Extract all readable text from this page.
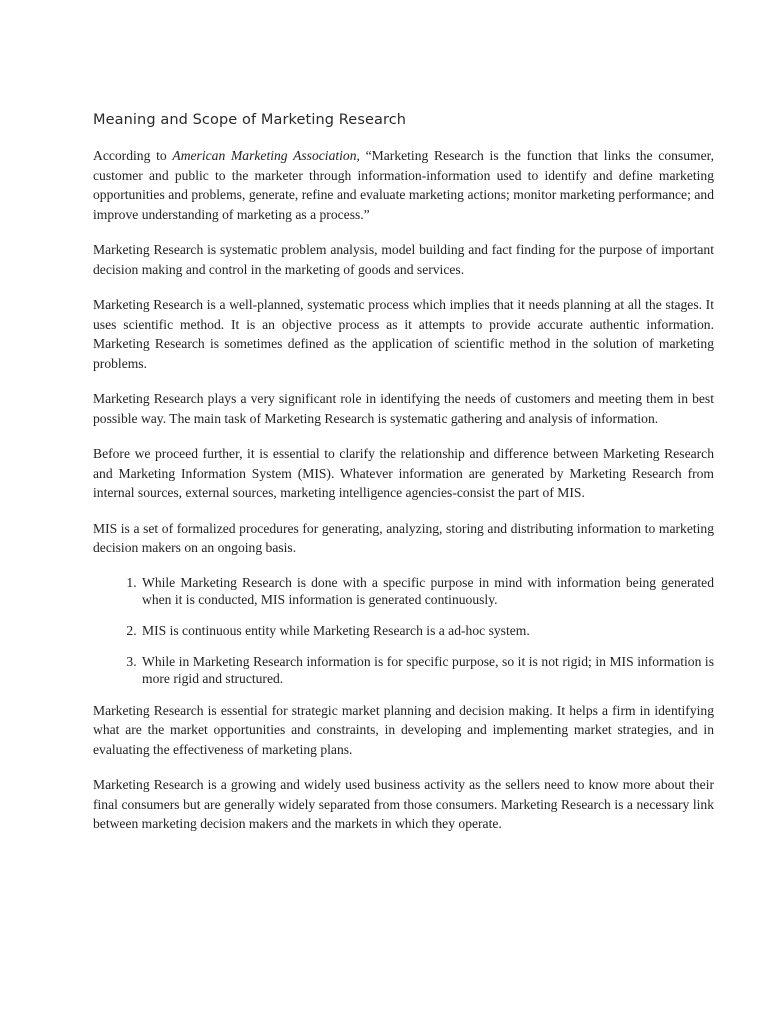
Meaning and Scope of Marketing Research

According to American Marketing Association, “Marketing Research is the function that links the consumer, customer and public to the marketer through information-information used to identify and define marketing opportunities and problems, generate, refine and evaluate marketing actions; monitor marketing performance; and improve understanding of marketing as a process.”

Marketing Research is systematic problem analysis, model building and fact finding for the purpose of important decision making and control in the marketing of goods and services.

Marketing Research is a well-planned, systematic process which implies that it needs planning at all the stages. It uses scientific method. It is an objective process as it attempts to provide accurate authentic information. Marketing Research is sometimes defined as the application of scientific method in the solution of marketing problems.

Marketing Research plays a very significant role in identifying the needs of customers and meeting them in best possible way. The main task of Marketing Research is systematic gathering and analysis of information.

Before we proceed further, it is essential to clarify the relationship and difference between Marketing Research and Marketing Information System (MIS). Whatever information are generated by Marketing Research from internal sources, external sources, marketing intelligence agencies-consist the part of MIS.

MIS is a set of formalized procedures for generating, analyzing, storing and distributing information to marketing decision makers on an ongoing basis.

1. While Marketing Research is done with a specific purpose in mind with information being generated when it is conducted, MIS information is generated continuously.
2. MIS is continuous entity while Marketing Research is a ad-hoc system.
3. While in Marketing Research information is for specific purpose, so it is not rigid; in MIS information is more rigid and structured.

Marketing Research is essential for strategic market planning and decision making. It helps a firm in identifying what are the market opportunities and constraints, in developing and implementing market strategies, and in evaluating the effectiveness of marketing plans.

Marketing Research is a growing and widely used business activity as the sellers need to know more about their final consumers but are generally widely separated from those consumers. Marketing Research is a necessary link between marketing decision makers and the markets in which they operate.
